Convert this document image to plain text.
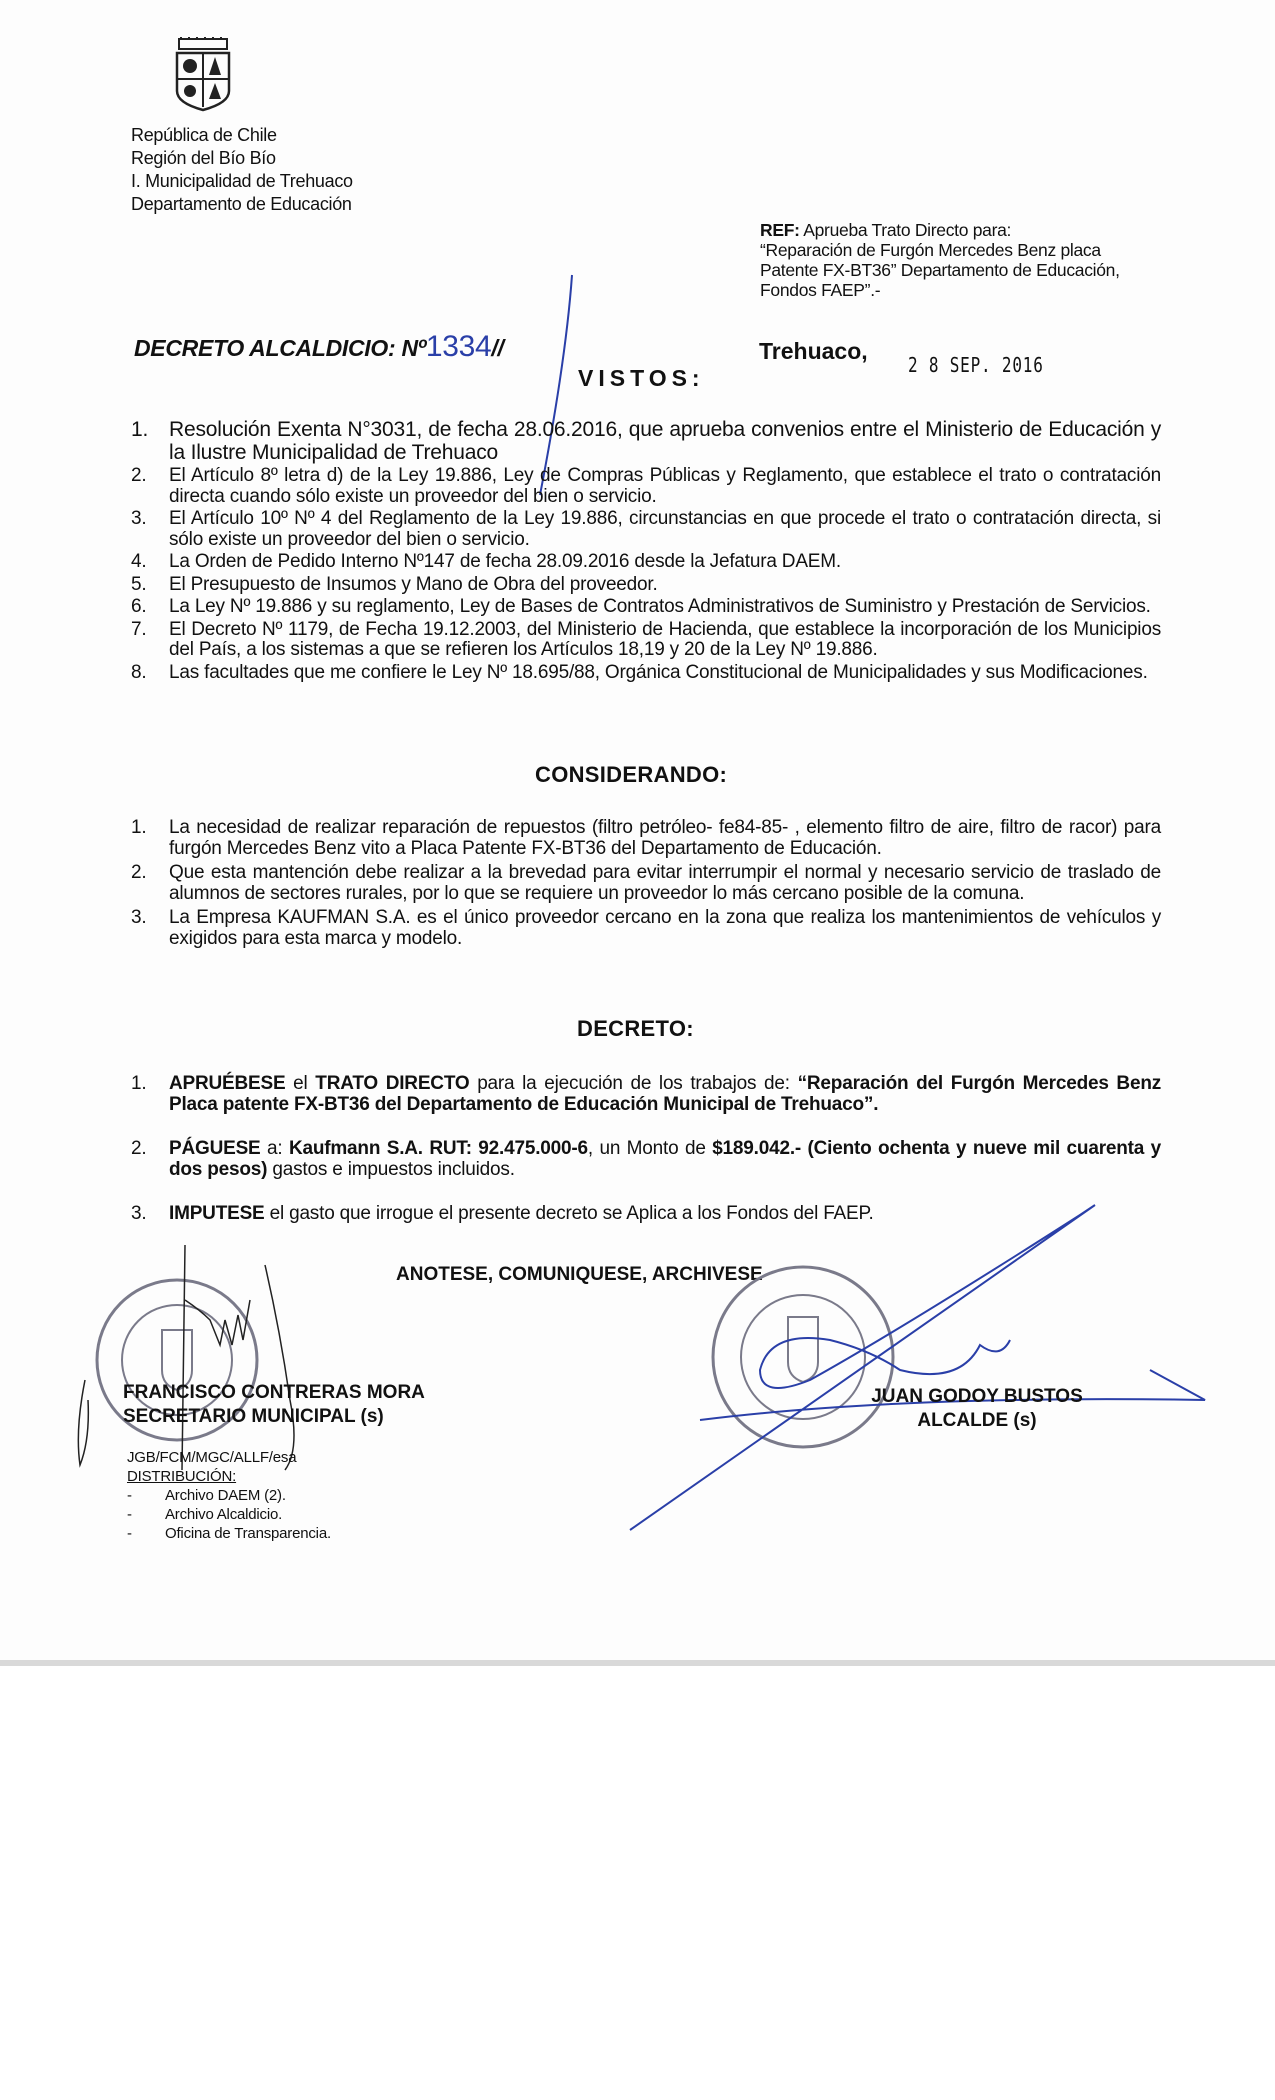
República de Chile
Región del Bío Bío
I. Municipalidad de Trehuaco
Departamento de Educación
REF: Aprueba Trato Directo para:
“Reparación de Furgón Mercedes Benz placa
Patente FX-BT36” Departamento de Educación,
Fondos FAEP”.-
DECRETO ALCALDICIO: Nº1334//
VISTOS:
Trehuaco,
2 8 SEP. 2016
1. Resolución Exenta N°3031, de fecha 28.06.2016, que aprueba convenios entre el Ministerio de Educación y la Ilustre Municipalidad de Trehuaco
2. El Artículo 8º letra d) de la Ley 19.886, Ley de Compras Públicas y Reglamento, que establece el trato o contratación directa cuando sólo existe un proveedor del bien o servicio.
3. El Artículo 10º Nº 4 del Reglamento de la Ley 19.886, circunstancias en que procede el trato o contratación directa, si sólo existe un proveedor del bien o servicio.
4. La Orden de Pedido Interno Nº147 de fecha 28.09.2016 desde la Jefatura DAEM.
5. El Presupuesto de Insumos y Mano de Obra del proveedor.
6. La Ley Nº 19.886 y su reglamento, Ley de Bases de Contratos Administrativos de Suministro y Prestación de Servicios.
7. El Decreto Nº 1179, de Fecha 19.12.2003, del Ministerio de Hacienda, que establece la incorporación de los Municipios del País, a los sistemas a que se refieren los Artículos 18,19 y 20 de la Ley Nº 19.886.
8. Las facultades que me confiere le Ley Nº 18.695/88, Orgánica Constitucional de Municipalidades y sus Modificaciones.
CONSIDERANDO:
1. La necesidad de realizar reparación de repuestos (filtro petróleo- fe84-85- , elemento filtro de aire, filtro de racor) para furgón Mercedes Benz vito a Placa Patente FX-BT36 del Departamento de Educación.
2. Que esta mantención debe realizar a la brevedad para evitar interrumpir el normal y necesario servicio de traslado de alumnos de sectores rurales, por lo que se requiere un proveedor lo más cercano posible de la comuna.
3. La Empresa KAUFMAN S.A. es el único proveedor cercano en la zona que realiza los mantenimientos de vehículos y exigidos para esta marca y modelo.
DECRETO:
1. APRUÉBESE el TRATO DIRECTO para la ejecución de los trabajos de: “Reparación del Furgón Mercedes Benz Placa patente FX-BT36 del Departamento de Educación Municipal de Trehuaco”.
2. PÁGUESE a: Kaufmann S.A. RUT: 92.475.000-6, un Monto de $189.042.- (Ciento ochenta y nueve mil cuarenta y dos pesos) gastos e impuestos incluidos.
3. IMPUTESE el gasto que irrogue el presente decreto se Aplica a los Fondos del FAEP.
ANOTESE, COMUNIQUESE, ARCHIVESE
FRANCISCO CONTRERAS MORA
SECRETARIO MUNICIPAL (s)
JUAN GODOY BUSTOS
ALCALDE (s)
JGB/FCM/MGC/ALLF/esa
DISTRIBUCIÓN:
- Archivo DAEM (2).
- Archivo Alcaldicio.
- Oficina de Transparencia.
